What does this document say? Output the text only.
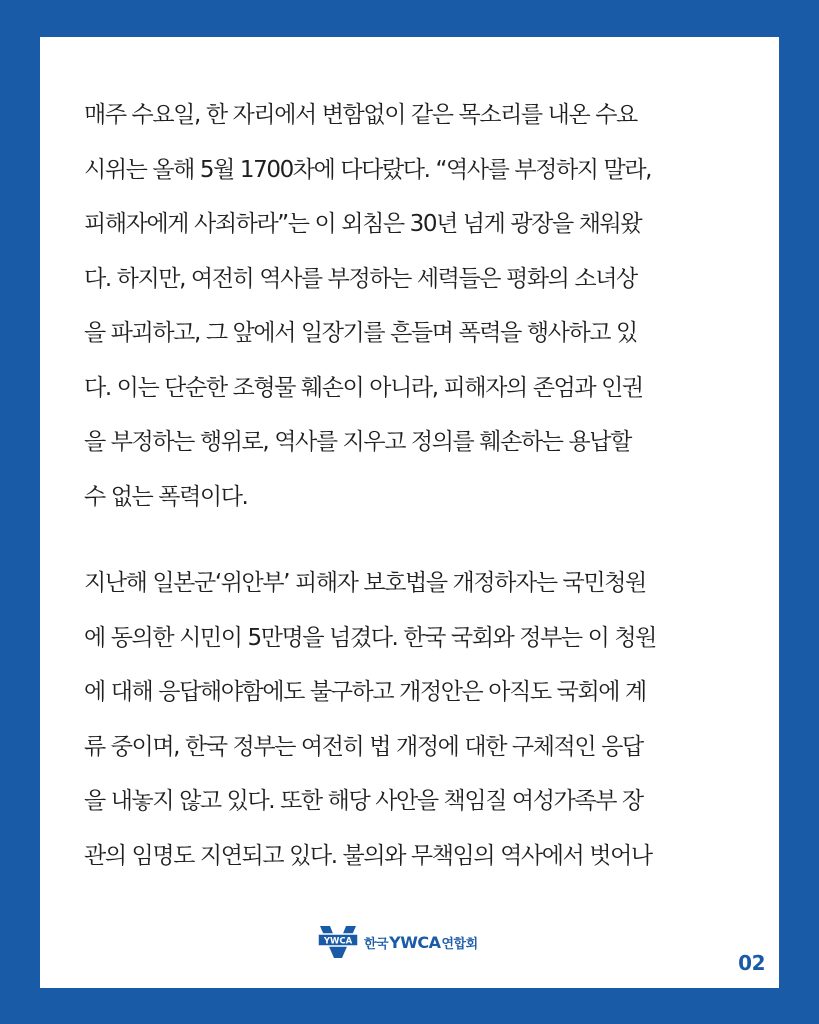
매주 수요일, 한 자리에서 변함없이 같은 목소리를 내온 수요
시위는 올해 5월 1700차에 다다랐다. “역사를 부정하지 말라,
피해자에게 사죄하라”는 이 외침은 30년 넘게 광장을 채워왔
다. 하지만, 여전히 역사를 부정하는 세력들은 평화의 소녀상
을 파괴하고, 그 앞에서 일장기를 흔들며 폭력을 행사하고 있
다. 이는 단순한 조형물 훼손이 아니라, 피해자의 존엄과 인권
을 부정하는 행위로, 역사를 지우고 정의를 훼손하는 용납할
수 없는 폭력이다.

지난해 일본군‘위안부’ 피해자 보호법을 개정하자는 국민청원
에 동의한 시민이 5만명을 넘겼다. 한국 국회와 정부는 이 청원
에 대해 응답해야함에도 불구하고 개정안은 아직도 국회에 계
류 중이며, 한국 정부는 여전히 법 개정에 대한 구체적인 응답
을 내놓지 않고 있다. 또한 해당 사안을 책임질 여성가족부 장
관의 임명도 지연되고 있다. 불의와 무책임의 역사에서 벗어나

YWCA 한국 YWCA 연합회
02
